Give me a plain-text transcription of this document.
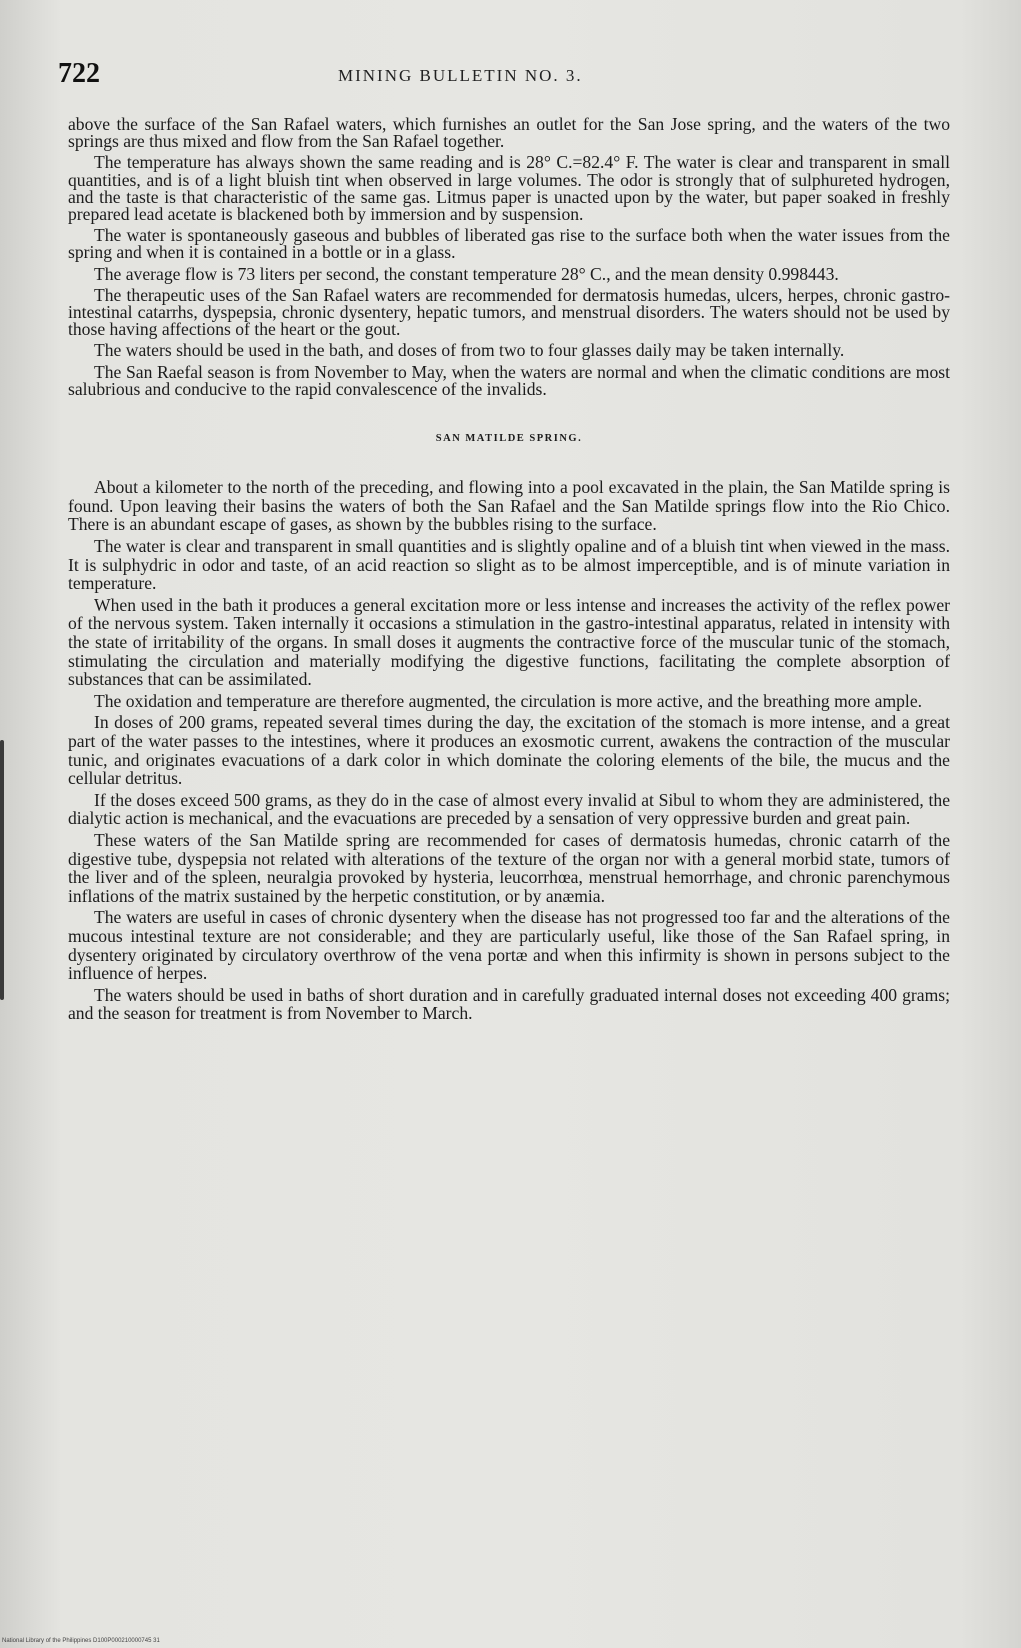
722	MINING BULLETIN NO. 3.

above the surface of the San Rafael waters, which furnishes an outlet for the San Jose spring, and the waters of the two springs are thus mixed and flow from the San Rafael together.

The temperature has always shown the same reading and is 28° C.=82.4° F. The water is clear and transparent in small quantities, and is of a light bluish tint when observed in large volumes. The odor is strongly that of sulphureted hydrogen, and the taste is that characteristic of the same gas. Litmus paper is unacted upon by the water, but paper soaked in freshly prepared lead acetate is blackened both by immersion and by suspension.

The water is spontaneously gaseous and bubbles of liberated gas rise to the surface both when the water issues from the spring and when it is contained in a bottle or in a glass.

The average flow is 73 liters per second, the constant temperature 28° C., and the mean density 0.998443.

The therapeutic uses of the San Rafael waters are recommended for dermatosis humedas, ulcers, herpes, chronic gastro-intestinal catarrhs, dyspepsia, chronic dysentery, hepatic tumors, and menstrual disorders. The waters should not be used by those having affections of the heart or the gout.

The waters should be used in the bath, and doses of from two to four glasses daily may be taken internally.

The San Raefal season is from November to May, when the waters are normal and when the climatic conditions are most salubrious and conducive to the rapid convalescence of the invalids.

SAN MATILDE SPRING.

About a kilometer to the north of the preceding, and flowing into a pool excavated in the plain, the San Matilde spring is found. Upon leaving their basins the waters of both the San Rafael and the San Matilde springs flow into the Rio Chico. There is an abundant escape of gases, as shown by the bubbles rising to the surface.

The water is clear and transparent in small quantities and is slightly opaline and of a bluish tint when viewed in the mass. It is sulphydric in odor and taste, of an acid reaction so slight as to be almost imperceptible, and is of minute variation in temperature.

When used in the bath it produces a general excitation more or less intense and increases the activity of the reflex power of the nervous system. Taken internally it occasions a stimulation in the gastro-intestinal apparatus, related in intensity with the state of irritability of the organs. In small doses it augments the contractive force of the muscular tunic of the stomach, stimulating the circulation and materially modifying the digestive functions, facilitating the complete absorption of substances that can be assimilated.

The oxidation and temperature are therefore augmented, the circulation is more active, and the breathing more ample.

In doses of 200 grams, repeated several times during the day, the excitation of the stomach is more intense, and a great part of the water passes to the intestines, where it produces an exosmotic current, awakens the contraction of the muscular tunic, and originates evacuations of a dark color in which dominate the coloring elements of the bile, the mucus and the cellular detritus.

If the doses exceed 500 grams, as they do in the case of almost every invalid at Sibul to whom they are administered, the dialytic action is mechanical, and the evacuations are preceded by a sensation of very oppressive burden and great pain.

These waters of the San Matilde spring are recommended for cases of dermatosis humedas, chronic catarrh of the digestive tube, dyspepsia not related with alterations of the texture of the organ nor with a general morbid state, tumors of the liver and of the spleen, neuralgia provoked by hysteria, leucorrhœa, menstrual hemorrhage, and chronic parenchymous inflations of the matrix sustained by the herpetic constitution, or by anæmia.

The waters are useful in cases of chronic dysentery when the disease has not progressed too far and the alterations of the mucous intestinal texture are not considerable; and they are particularly useful, like those of the San Rafael spring, in dysentery originated by circulatory overthrow of the vena portæ and when this infirmity is shown in persons subject to the influence of herpes.

The waters should be used in baths of short duration and in carefully graduated internal doses not exceeding 400 grams; and the season for treatment is from November to March.

National Library of the Philippines D100P000210000745 31
